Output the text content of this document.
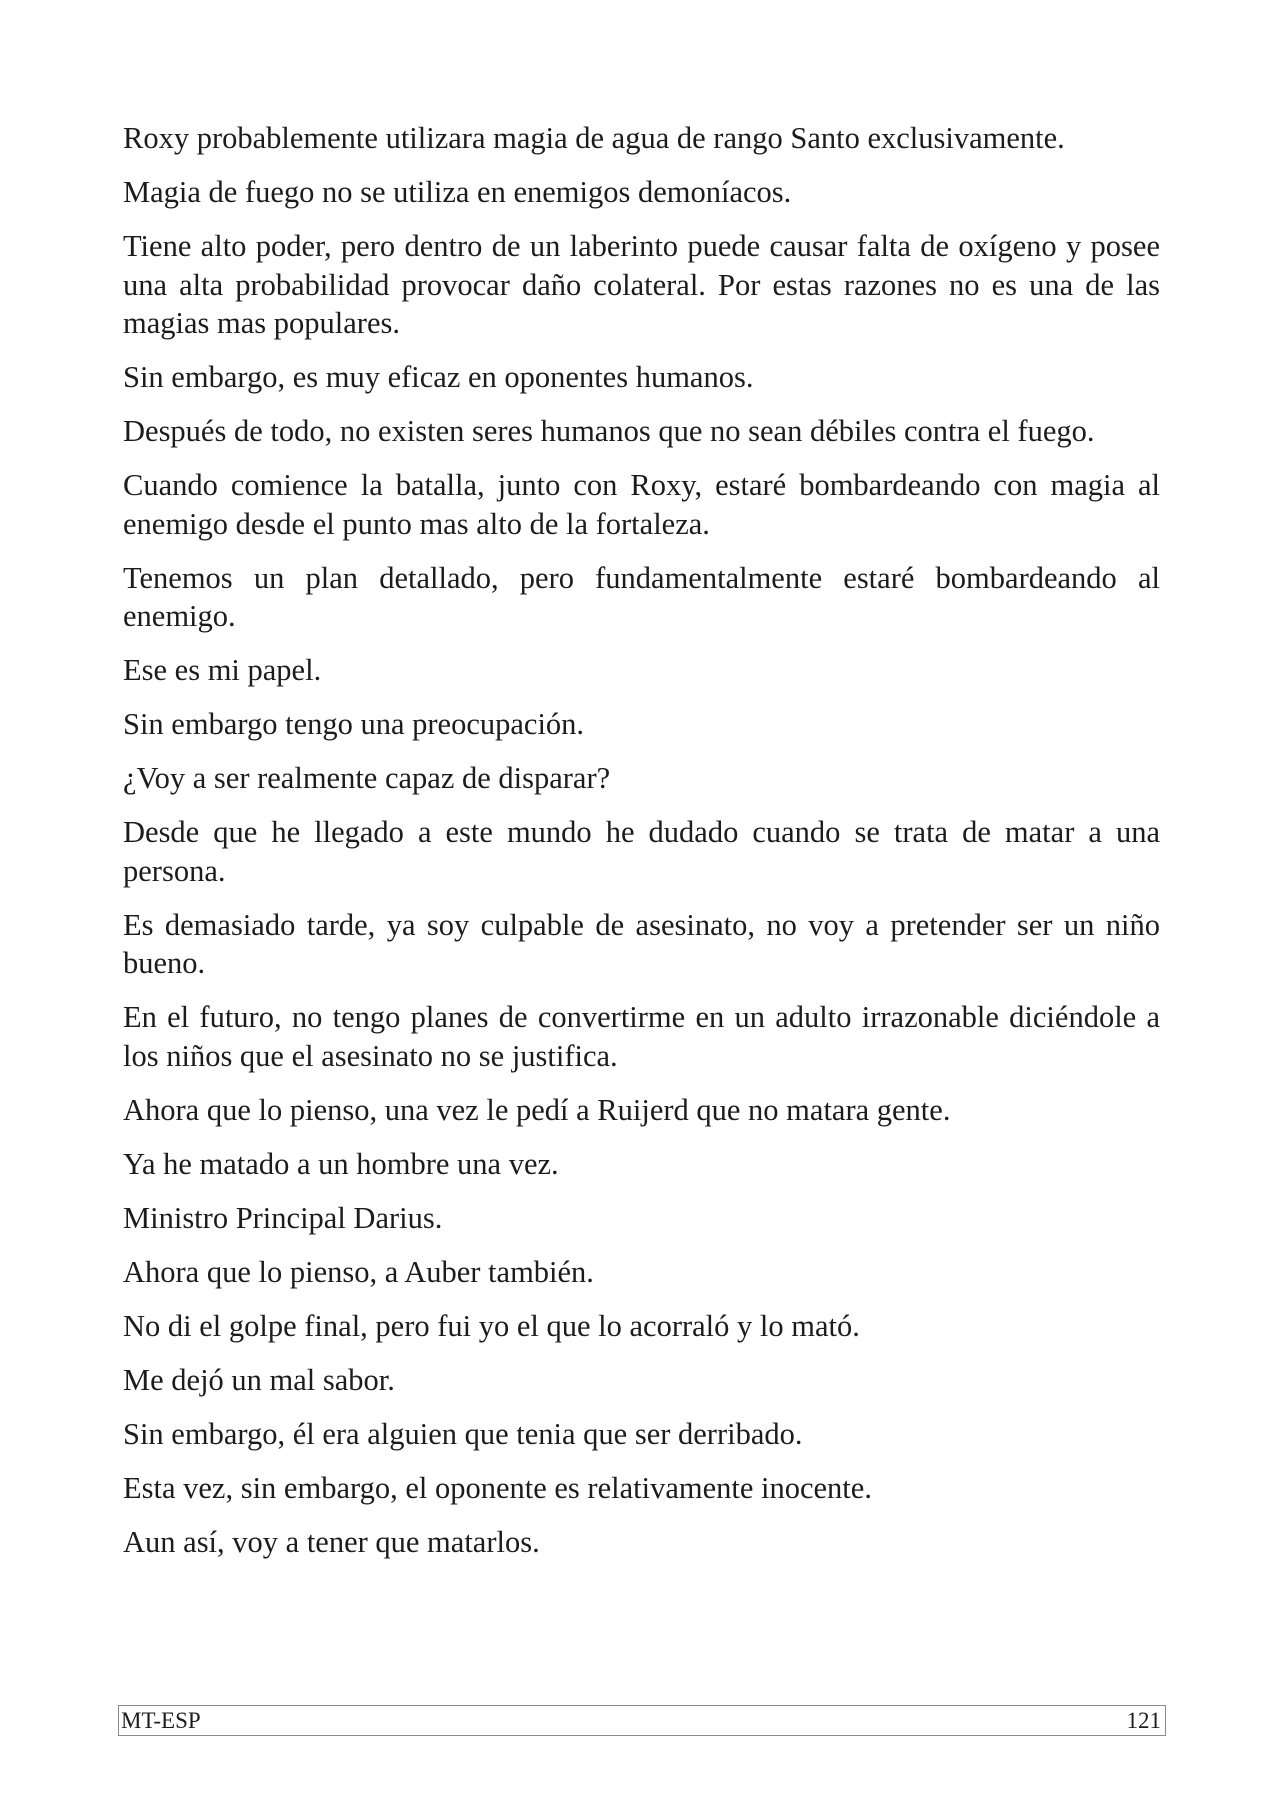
Roxy probablemente utilizara magia de agua de rango Santo exclusivamente.

Magia de fuego no se utiliza en enemigos demoníacos.

Tiene alto poder, pero dentro de un laberinto puede causar falta de oxígeno y posee una alta probabilidad provocar daño colateral. Por estas razones no es una de las magias mas populares.

Sin embargo, es muy eficaz en oponentes humanos.

Después de todo, no existen seres humanos que no sean débiles contra el fuego.

Cuando comience la batalla, junto con Roxy, estaré bombardeando con magia al enemigo desde el punto mas alto de la fortaleza.

Tenemos un plan detallado, pero fundamentalmente estaré bombardeando al enemigo.

Ese es mi papel.

Sin embargo tengo una preocupación.

¿Voy a ser realmente capaz de disparar?

Desde que he llegado a este mundo he dudado cuando se trata de matar a una persona.

Es demasiado tarde, ya soy culpable de asesinato, no voy a pretender ser un niño bueno.

En el futuro, no tengo planes de convertirme en un adulto irrazonable diciéndole a los niños que el asesinato no se justifica.

Ahora que lo pienso, una vez le pedí a Ruijerd que no matara gente.

Ya he matado a un hombre una vez.

Ministro Principal Darius.

Ahora que lo pienso, a Auber también.

No di el golpe final, pero fui yo el que lo acorraló y lo mató.

Me dejó un mal sabor.

Sin embargo, él era alguien que tenia que ser derribado.

Esta vez, sin embargo, el oponente es relativamente inocente.

Aun así, voy a tener que matarlos.

MT-ESP	121
